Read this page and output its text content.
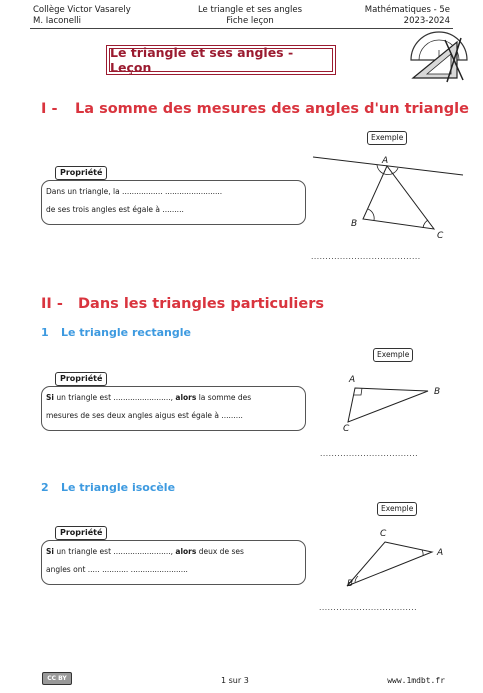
Collège Victor Vasarely
M. Iaconelli
Le triangle et ses angles
Fiche leçon
Mathématiques - 5e
2023-2024
Le triangle et ses angles - Leçon
I - La somme des mesures des angles d'un triangle
Exemple
Dans un triangle, la ................. ........................
de ses trois angles est égale à .........
Propriété
A
B
C
......................................
II - Dans les triangles particuliers
1 Le triangle rectangle
Exemple
Si un triangle est ........................, alors la somme des
mesures de ses deux angles aigus est égale à .........
Propriété	A
B
C
..................................
2 Le triangle isocèle
Exemple
Si un triangle est ........................, alors deux de ses
angles ont ..... ........... ........................
Propriété	C
A
B
..................................
CC BY	1 sur 3	www.1mdbt.fr
